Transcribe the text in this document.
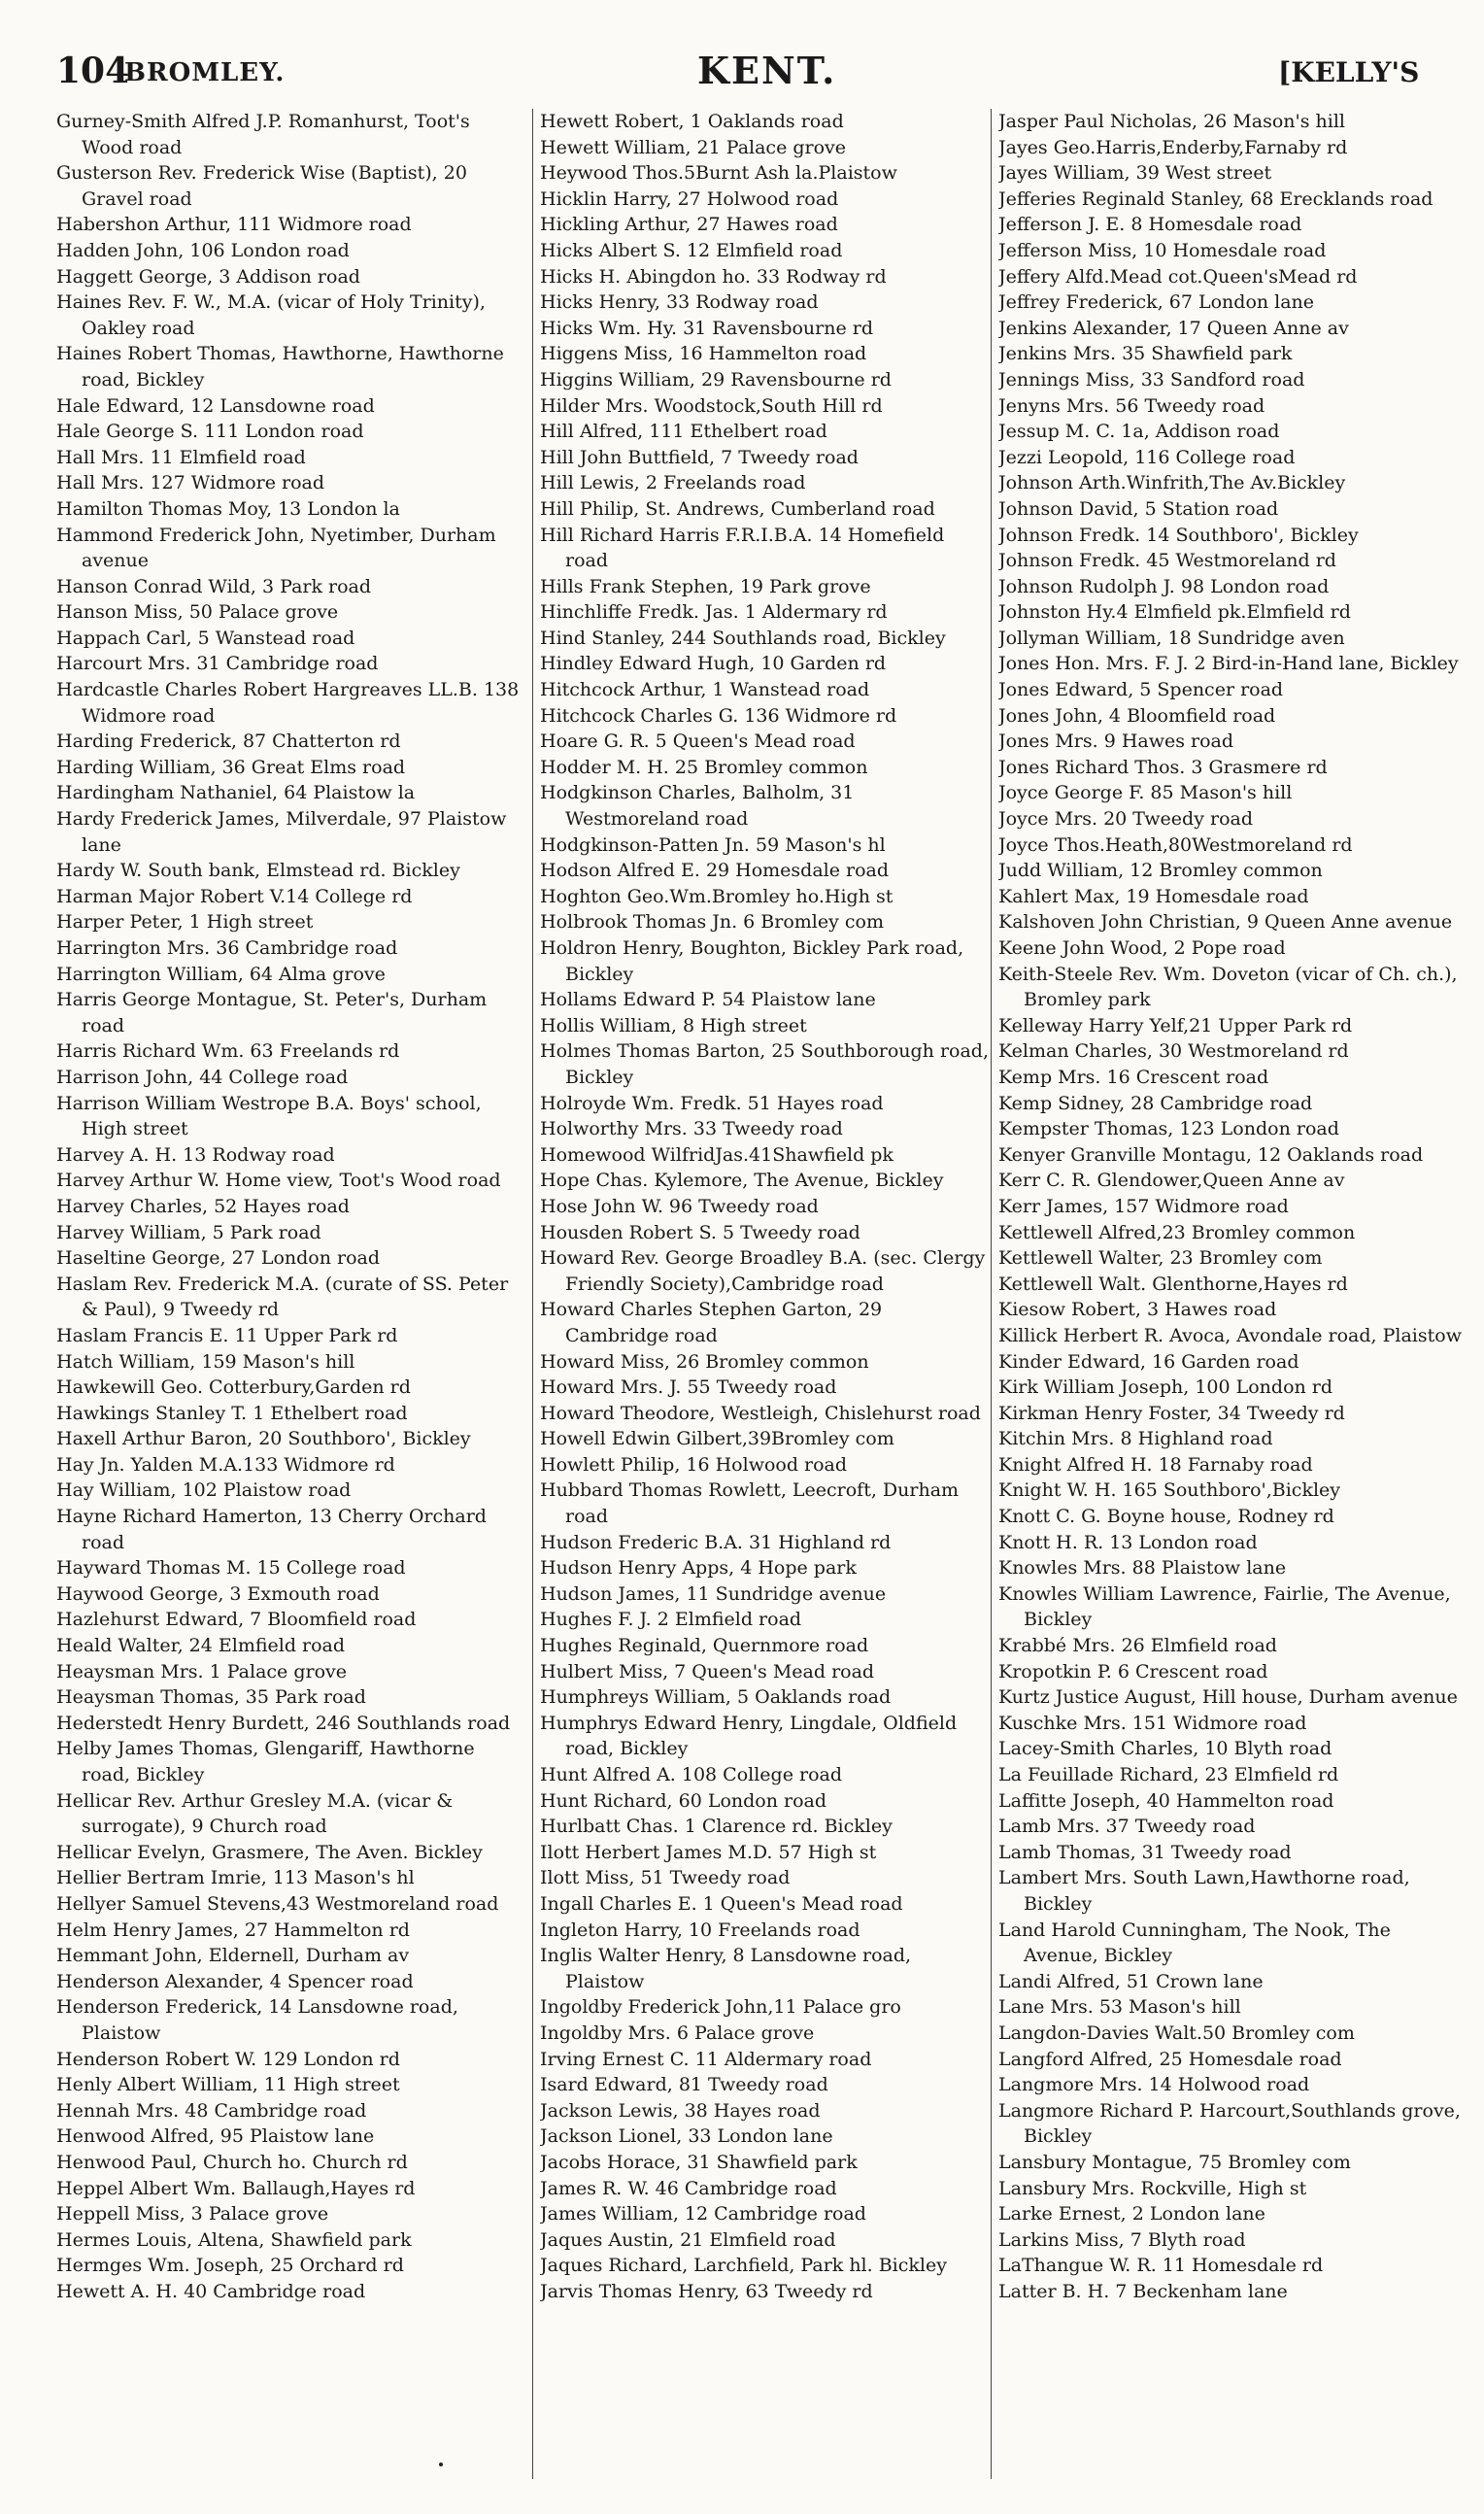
104
BROMLEY.	KENT.	[KELLY'S
Gurney-Smith Alfred J.P. Romanhurst, Toot's Wood road
Gusterson Rev. Frederick Wise (Baptist), 20 Gravel road
Habershon Arthur, 111 Widmore road
Hadden John, 106 London road
Haggett George, 3 Addison road
Haines Rev. F. W., M.A. (vicar of Holy Trinity), Oakley road
Haines Robert Thomas, Hawthorne, Hawthorne road, Bickley
Hale Edward, 12 Lansdowne road
Hale George S. 111 London road
Hall Mrs. 11 Elmfield road
Hall Mrs. 127 Widmore road
Hamilton Thomas Moy, 13 London la
Hammond Frederick John, Nyetimber, Durham avenue
Hanson Conrad Wild, 3 Park road
Hanson Miss, 50 Palace grove
Happach Carl, 5 Wanstead road
Harcourt Mrs. 31 Cambridge road
Hardcastle Charles Robert Hargreaves LL.B. 138 Widmore road
Harding Frederick, 87 Chatterton rd
Harding William, 36 Great Elms road
Hardingham Nathaniel, 64 Plaistow la
Hardy Frederick James, Milverdale, 97 Plaistow lane
Hardy W. South bank, Elmstead rd. Bickley
Harman Major Robert V.14 College rd
Harper Peter, 1 High street
Harrington Mrs. 36 Cambridge road
Harrington William, 64 Alma grove
Harris George Montague, St. Peter's, Durham road
Harris Richard Wm. 63 Freelands rd
Harrison John, 44 College road
Harrison William Westrope B.A. Boys' school, High street
Harvey A. H. 13 Rodway road
Harvey Arthur W. Home view, Toot's Wood road
Harvey Charles, 52 Hayes road
Harvey William, 5 Park road
Haseltine George, 27 London road
Haslam Rev. Frederick M.A. (curate of SS. Peter & Paul), 9 Tweedy rd
Haslam Francis E. 11 Upper Park rd
Hatch William, 159 Mason's hill
Hawkewill Geo. Cotterbury,Garden rd
Hawkings Stanley T. 1 Ethelbert road
Haxell Arthur Baron, 20 Southboro', Bickley
Hay Jn. Yalden M.A.133 Widmore rd
Hay William, 102 Plaistow road
Hayne Richard Hamerton, 13 Cherry Orchard road
Hayward Thomas M. 15 College road
Haywood George, 3 Exmouth road
Hazlehurst Edward, 7 Bloomfield road
Heald Walter, 24 Elmfield road
Heaysman Mrs. 1 Palace grove
Heaysman Thomas, 35 Park road
Hederstedt Henry Burdett, 246 Southlands road
Helby James Thomas, Glengariff, Hawthorne road, Bickley
Hellicar Rev. Arthur Gresley M.A. (vicar & surrogate), 9 Church road
Hellicar Evelyn, Grasmere, The Aven. Bickley
Hellier Bertram Imrie, 113 Mason's hl
Hellyer Samuel Stevens,43 Westmoreland road
Helm Henry James, 27 Hammelton rd
Hemmant John, Eldernell, Durham av
Henderson Alexander, 4 Spencer road
Henderson Frederick, 14 Lansdowne road, Plaistow
Henderson Robert W. 129 London rd
Henly Albert William, 11 High street
Hennah Mrs. 48 Cambridge road
Henwood Alfred, 95 Plaistow lane
Henwood Paul, Church ho. Church rd
Heppel Albert Wm. Ballaugh,Hayes rd
Heppell Miss, 3 Palace grove
Hermes Louis, Altena, Shawfield park
Hermges Wm. Joseph, 25 Orchard rd
Hewett A. H. 40 Cambridge road
Hewett Robert, 1 Oaklands road
Hewett William, 21 Palace grove
Heywood Thos.5Burnt Ash la.Plaistow
Hicklin Harry, 27 Holwood road
Hickling Arthur, 27 Hawes road
Hicks Albert S. 12 Elmfield road
Hicks H. Abingdon ho. 33 Rodway rd
Hicks Henry, 33 Rodway road
Hicks Wm. Hy. 31 Ravensbourne rd
Higgens Miss, 16 Hammelton road
Higgins William, 29 Ravensbourne rd
Hilder Mrs. Woodstock,South Hill rd
Hill Alfred, 111 Ethelbert road
Hill John Buttfield, 7 Tweedy road
Hill Lewis, 2 Freelands road
Hill Philip, St. Andrews, Cumberland road
Hill Richard Harris F.R.I.B.A. 14 Homefield road
Hills Frank Stephen, 19 Park grove
Hinchliffe Fredk. Jas. 1 Aldermary rd
Hind Stanley, 244 Southlands road, Bickley
Hindley Edward Hugh, 10 Garden rd
Hitchcock Arthur, 1 Wanstead road
Hitchcock Charles G. 136 Widmore rd
Hoare G. R. 5 Queen's Mead road
Hodder M. H. 25 Bromley common
Hodgkinson Charles, Balholm, 31 Westmoreland road
Hodgkinson-Patten Jn. 59 Mason's hl
Hodson Alfred E. 29 Homesdale road
Hoghton Geo.Wm.Bromley ho.High st
Holbrook Thomas Jn. 6 Bromley com
Holdron Henry, Boughton, Bickley Park road, Bickley
Hollams Edward P. 54 Plaistow lane
Hollis William, 8 High street
Holmes Thomas Barton, 25 Southborough road, Bickley
Holroyde Wm. Fredk. 51 Hayes road
Holworthy Mrs. 33 Tweedy road
Homewood WilfridJas.41Shawfield pk
Hope Chas. Kylemore, The Avenue, Bickley
Hose John W. 96 Tweedy road
Housden Robert S. 5 Tweedy road
Howard Rev. George Broadley B.A. (sec. Clergy Friendly Society),Cambridge road
Howard Charles Stephen Garton, 29 Cambridge road
Howard Miss, 26 Bromley common
Howard Mrs. J. 55 Tweedy road
Howard Theodore, Westleigh, Chislehurst road
Howell Edwin Gilbert,39Bromley com
Howlett Philip, 16 Holwood road
Hubbard Thomas Rowlett, Leecroft, Durham road
Hudson Frederic B.A. 31 Highland rd
Hudson Henry Apps, 4 Hope park
Hudson James, 11 Sundridge avenue
Hughes F. J. 2 Elmfield road
Hughes Reginald, Quernmore road
Hulbert Miss, 7 Queen's Mead road
Humphreys William, 5 Oaklands road
Humphrys Edward Henry, Lingdale, Oldfield road, Bickley
Hunt Alfred A. 108 College road
Hunt Richard, 60 London road
Hurlbatt Chas. 1 Clarence rd. Bickley
Ilott Herbert James M.D. 57 High st
Ilott Miss, 51 Tweedy road
Ingall Charles E. 1 Queen's Mead road
Ingleton Harry, 10 Freelands road
Inglis Walter Henry, 8 Lansdowne road, Plaistow
Ingoldby Frederick John,11 Palace gro
Ingoldby Mrs. 6 Palace grove
Irving Ernest C. 11 Aldermary road
Isard Edward, 81 Tweedy road
Jackson Lewis, 38 Hayes road
Jackson Lionel, 33 London lane
Jacobs Horace, 31 Shawfield park
James R. W. 46 Cambridge road
James William, 12 Cambridge road
Jaques Austin, 21 Elmfield road
Jaques Richard, Larchfield, Park hl. Bickley
Jarvis Thomas Henry, 63 Tweedy rd
Jasper Paul Nicholas, 26 Mason's hill
Jayes Geo.Harris,Enderby,Farnaby rd
Jayes William, 39 West street
Jefferies Reginald Stanley, 68 Erecklands road
Jefferson J. E. 8 Homesdale road
Jefferson Miss, 10 Homesdale road
Jeffery Alfd.Mead cot.Queen'sMead rd
Jeffrey Frederick, 67 London lane
Jenkins Alexander, 17 Queen Anne av
Jenkins Mrs. 35 Shawfield park
Jennings Miss, 33 Sandford road
Jenyns Mrs. 56 Tweedy road
Jessup M. C. 1a, Addison road
Jezzi Leopold, 116 College road
Johnson Arth.Winfrith,The Av.Bickley
Johnson David, 5 Station road
Johnson Fredk. 14 Southboro', Bickley
Johnson Fredk. 45 Westmoreland rd
Johnson Rudolph J. 98 London road
Johnston Hy.4 Elmfield pk.Elmfield rd
Jollyman William, 18 Sundridge aven
Jones Hon. Mrs. F. J. 2 Bird-in-Hand lane, Bickley
Jones Edward, 5 Spencer road
Jones John, 4 Bloomfield road
Jones Mrs. 9 Hawes road
Jones Richard Thos. 3 Grasmere rd
Joyce George F. 85 Mason's hill
Joyce Mrs. 20 Tweedy road
Joyce Thos.Heath,80Westmoreland rd
Judd William, 12 Bromley common
Kahlert Max, 19 Homesdale road
Kalshoven John Christian, 9 Queen Anne avenue
Keene John Wood, 2 Pope road
Keith-Steele Rev. Wm. Doveton (vicar of Ch. ch.), Bromley park
Kelleway Harry Yelf,21 Upper Park rd
Kelman Charles, 30 Westmoreland rd
Kemp Mrs. 16 Crescent road
Kemp Sidney, 28 Cambridge road
Kempster Thomas, 123 London road
Kenyer Granville Montagu, 12 Oaklands road
Kerr C. R. Glendower,Queen Anne av
Kerr James, 157 Widmore road
Kettlewell Alfred,23 Bromley common
Kettlewell Walter, 23 Bromley com
Kettlewell Walt. Glenthorne,Hayes rd
Kiesow Robert, 3 Hawes road
Killick Herbert R. Avoca, Avondale road, Plaistow
Kinder Edward, 16 Garden road
Kirk William Joseph, 100 London rd
Kirkman Henry Foster, 34 Tweedy rd
Kitchin Mrs. 8 Highland road
Knight Alfred H. 18 Farnaby road
Knight W. H. 165 Southboro',Bickley
Knott C. G. Boyne house, Rodney rd
Knott H. R. 13 London road
Knowles Mrs. 88 Plaistow lane
Knowles William Lawrence, Fairlie, The Avenue, Bickley
Krabbé Mrs. 26 Elmfield road
Kropotkin P. 6 Crescent road
Kurtz Justice August, Hill house, Durham avenue
Kuschke Mrs. 151 Widmore road
Lacey-Smith Charles, 10 Blyth road
La Feuillade Richard, 23 Elmfield rd
Laffitte Joseph, 40 Hammelton road
Lamb Mrs. 37 Tweedy road
Lamb Thomas, 31 Tweedy road
Lambert Mrs. South Lawn,Hawthorne road, Bickley
Land Harold Cunningham, The Nook, The Avenue, Bickley
Landi Alfred, 51 Crown lane
Lane Mrs. 53 Mason's hill
Langdon-Davies Walt.50 Bromley com
Langford Alfred, 25 Homesdale road
Langmore Mrs. 14 Holwood road
Langmore Richard P. Harcourt,Southlands grove, Bickley
Lansbury Montague, 75 Bromley com
Lansbury Mrs. Rockville, High st
Larke Ernest, 2 London lane
Larkins Miss, 7 Blyth road
LaThangue W. R. 11 Homesdale rd
Latter B. H. 7 Beckenham lane
